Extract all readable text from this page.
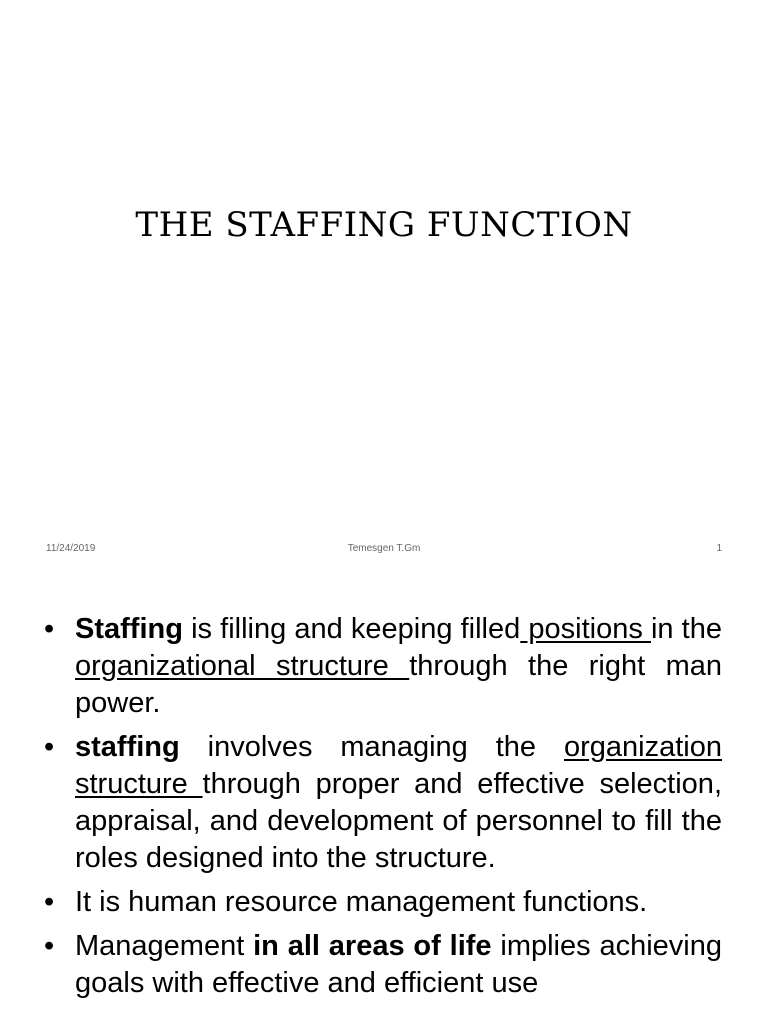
THE STAFFING FUNCTION
11/24/2019	Temesgen T.Gm	1
• Staffing is filling and keeping filled positions in the organizational structure through the right man power.
• staffing involves managing the organization structure through proper and effective selection, appraisal, and development of personnel to fill the roles designed into the structure.
• It is human resource management functions.
• Management in all areas of life implies achieving goals with effective and efficient use
